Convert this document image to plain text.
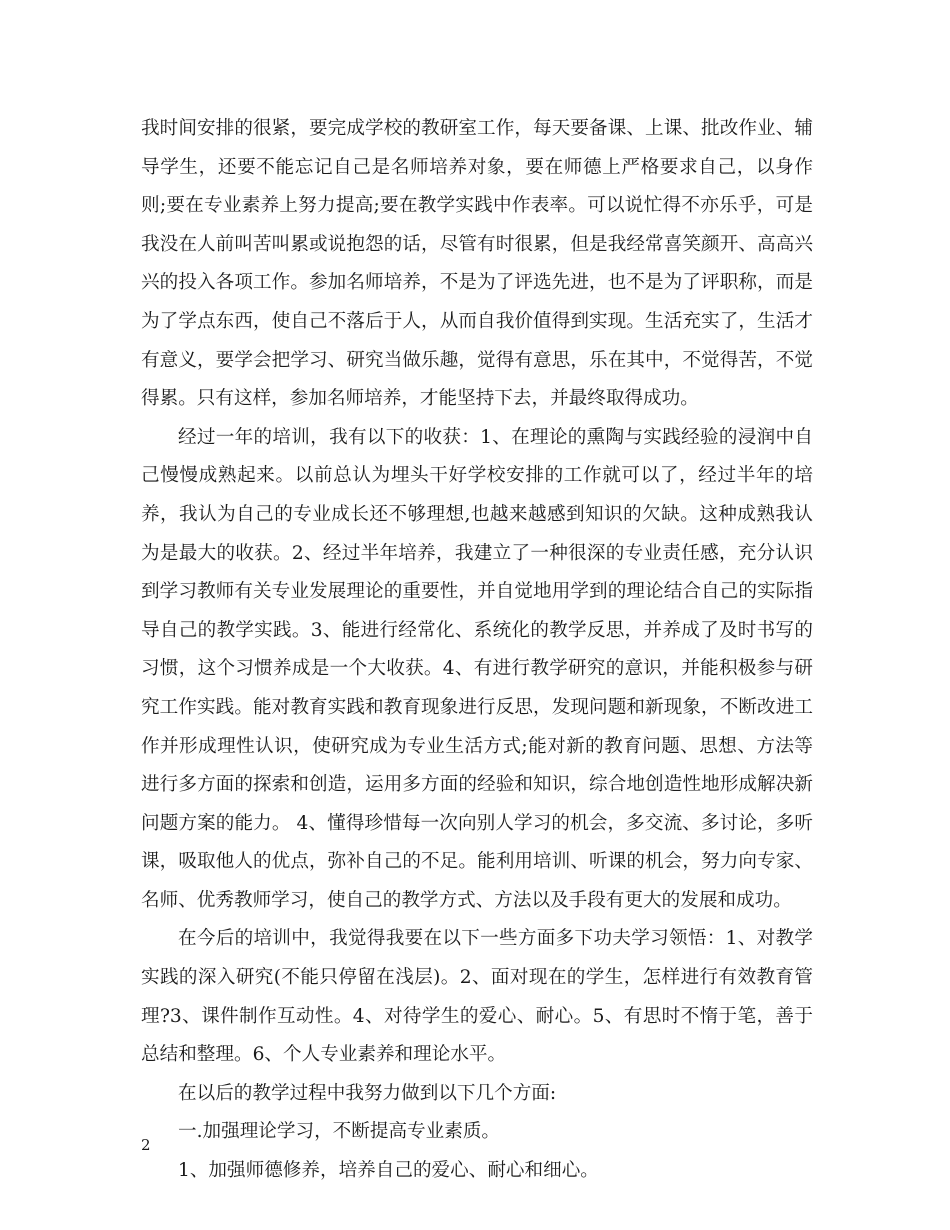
我时间安排的很紧，要完成学校的教研室工作，每天要备课、上课、批改作业、辅导学生，还要不能忘记自己是名师培养对象，要在师德上严格要求自己，以身作则;要在专业素养上努力提高;要在教学实践中作表率。可以说忙得不亦乐乎，可是我没在人前叫苦叫累或说抱怨的话，尽管有时很累，但是我经常喜笑颜开、高高兴兴的投入各项工作。参加名师培养，不是为了评选先进，也不是为了评职称，而是为了学点东西，使自己不落后于人，从而自我价值得到实现。生活充实了，生活才有意义，要学会把学习、研究当做乐趣，觉得有意思，乐在其中，不觉得苦，不觉得累。只有这样，参加名师培养，才能坚持下去，并最终取得成功。

经过一年的培训，我有以下的收获：1、在理论的熏陶与实践经验的浸润中自己慢慢成熟起来。以前总认为埋头干好学校安排的工作就可以了，经过半年的培养，我认为自己的专业成长还不够理想,也越来越感到知识的欠缺。这种成熟我认为是最大的收获。2、经过半年培养，我建立了一种很深的专业责任感，充分认识到学习教师有关专业发展理论的重要性，并自觉地用学到的理论结合自己的实际指导自己的教学实践。3、能进行经常化、系统化的教学反思，并养成了及时书写的习惯，这个习惯养成是一个大收获。4、有进行教学研究的意识，并能积极参与研究工作实践。能对教育实践和教育现象进行反思，发现问题和新现象，不断改进工作并形成理性认识，使研究成为专业生活方式;能对新的教育问题、思想、方法等进行多方面的探索和创造，运用多方面的经验和知识，综合地创造性地形成解决新问题方案的能力。 4、懂得珍惜每一次向别人学习的机会，多交流、多讨论，多听课，吸取他人的优点，弥补自己的不足。能利用培训、听课的机会，努力向专家、名师、优秀教师学习，使自己的教学方式、方法以及手段有更大的发展和成功。

在今后的培训中，我觉得我要在以下一些方面多下功夫学习领悟：1、对教学实践的深入研究(不能只停留在浅层)。2、面对现在的学生，怎样进行有效教育管理?3、课件制作互动性。4、对待学生的爱心、耐心。5、有思时不惰于笔，善于总结和整理。6、个人专业素养和理论水平。

在以后的教学过程中我努力做到以下几个方面:

一.加强理论学习，不断提高专业素质。

1、加强师德修养，培养自己的爱心、耐心和细心。

2
